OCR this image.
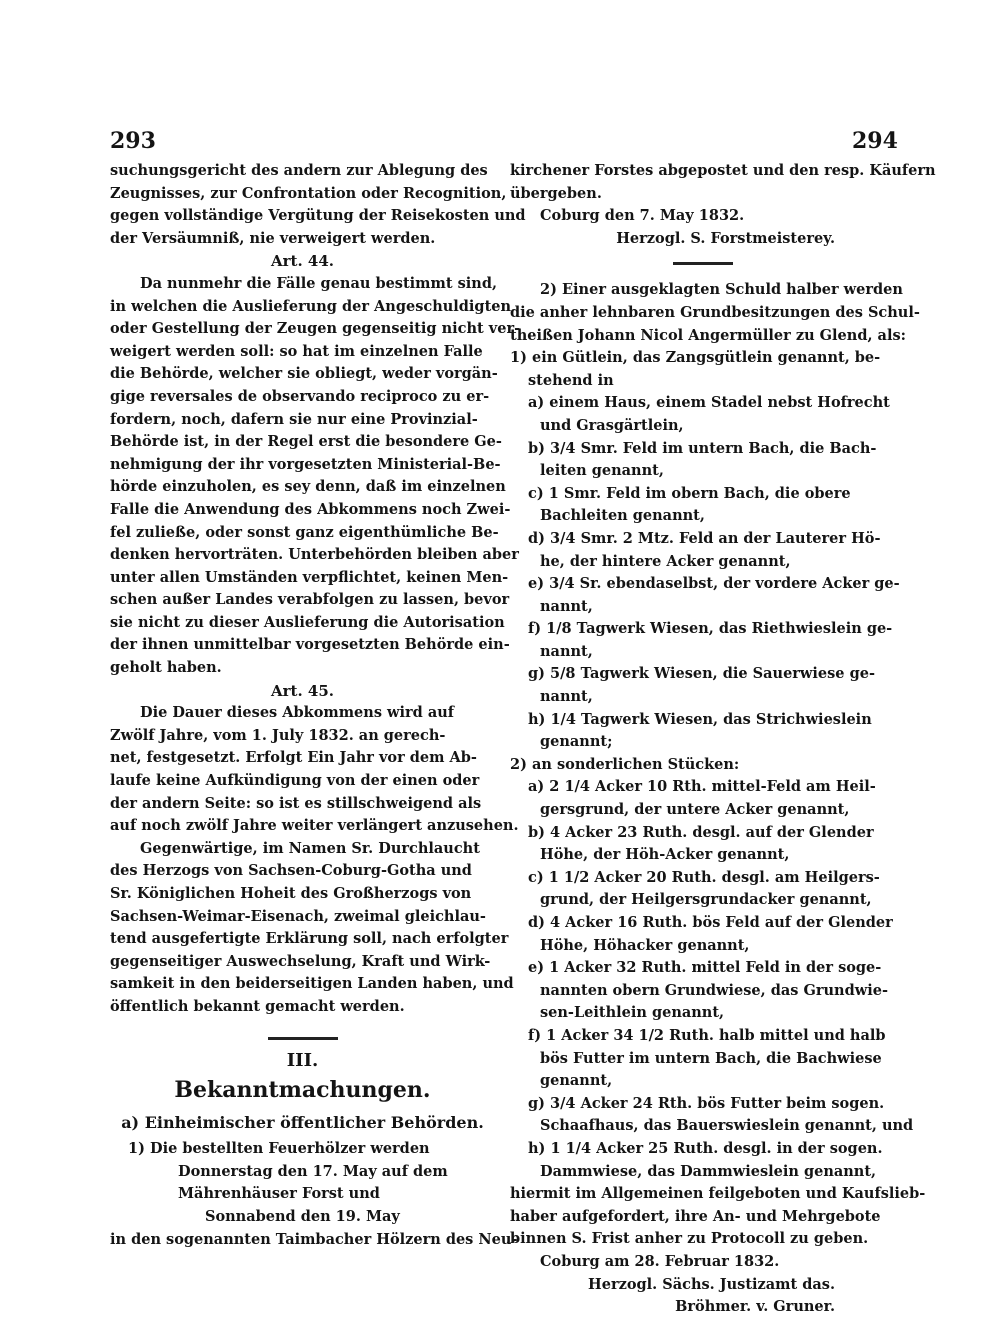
293	294
suchungsgericht des andern zur Ablegung des
Zeugnisses, zur Confrontation oder Recognition,
gegen vollständige Vergütung der Reisekosten und
der Versäumniß, nie verweigert werden.
Art. 44.
Da nunmehr die Fälle genau bestimmt sind,
in welchen die Auslieferung der Angeschuldigten
oder Gestellung der Zeugen gegenseitig nicht ver-
weigert werden soll: so hat im einzelnen Falle
die Behörde, welcher sie obliegt, weder vorgän-
gige reversales de observando reciproco zu er-
fordern, noch, dafern sie nur eine Provinzial-
Behörde ist, in der Regel erst die besondere Ge-
nehmigung der ihr vorgesetzten Ministerial-Be-
hörde einzuholen, es sey denn, daß im einzelnen
Falle die Anwendung des Abkommens noch Zwei-
fel zuließe, oder sonst ganz eigenthümliche Be-
denken hervorträten. Unterbehörden bleiben aber
unter allen Umständen verpflichtet, keinen Men-
schen außer Landes verabfolgen zu lassen, bevor
sie nicht zu dieser Auslieferung die Autorisation
der ihnen unmittelbar vorgesetzten Behörde ein-
geholt haben.
Art. 45.
Die Dauer dieses Abkommens wird auf
Zwölf Jahre, vom 1. July 1832. an gerech-
net, festgesetzt. Erfolgt Ein Jahr vor dem Ab-
laufe keine Aufkündigung von der einen oder
der andern Seite: so ist es stillschweigend als
auf noch zwölf Jahre weiter verlängert anzusehen.
Gegenwärtige, im Namen Sr. Durchlaucht
des Herzogs von Sachsen-Coburg-Gotha und
Sr. Königlichen Hoheit des Großherzogs von
Sachsen-Weimar-Eisenach, zweimal gleichlau-
tend ausgefertigte Erklärung soll, nach erfolgter
gegenseitiger Auswechselung, Kraft und Wirk-
samkeit in den beiderseitigen Landen haben, und
öffentlich bekannt gemacht werden.
III.
Bekanntmachungen.
a) Einheimischer öffentlicher Behörden.
1) Die bestellten Feuerhölzer werden
Donnerstag den 17. May auf dem
Mährenhäuser Forst und
Sonnabend den 19. May
in den sogenannten Taimbacher Hölzern des Neu-
kirchener Forstes abgepostet und den resp. Käufern
übergeben.
Coburg den 7. May 1832.
Herzogl. S. Forstmeisterey.
2) Einer ausgeklagten Schuld halber werden
die anher lehnbaren Grundbesitzungen des Schul-
theißen Johann Nicol Angermüller zu Glend, als:
1) ein Gütlein, das Zangsgütlein genannt, be-
stehend in
a) einem Haus, einem Stadel nebst Hofrecht
und Grasgärtlein,
b) 3/4 Smr. Feld im untern Bach, die Bach-
leiten genannt,
c) 1 Smr. Feld im obern Bach, die obere
Bachleiten genannt,
d) 3/4 Smr. 2 Mtz. Feld an der Lauterer Hö-
he, der hintere Acker genannt,
e) 3/4 Sr. ebendaselbst, der vordere Acker ge-
nannt,
f) 1/8 Tagwerk Wiesen, das Riethwieslein ge-
nannt,
g) 5/8 Tagwerk Wiesen, die Sauerwiese ge-
nannt,
h) 1/4 Tagwerk Wiesen, das Strichwieslein
genannt;
2) an sonderlichen Stücken:
a) 2 1/4 Acker 10 Rth. mittel-Feld am Heil-
gersgrund, der untere Acker genannt,
b) 4 Acker 23 Ruth. desgl. auf der Glender
Höhe, der Höh-Acker genannt,
c) 1 1/2 Acker 20 Ruth. desgl. am Heilgers-
grund, der Heilgersgrundacker genannt,
d) 4 Acker 16 Ruth. bös Feld auf der Glender
Höhe, Höhacker genannt,
e) 1 Acker 32 Ruth. mittel Feld in der soge-
nannten obern Grundwiese, das Grundwie-
sen-Leithlein genannt,
f) 1 Acker 34 1/2 Ruth. halb mittel und halb
bös Futter im untern Bach, die Bachwiese
genannt,
g) 3/4 Acker 24 Rth. bös Futter beim sogen.
Schaafhaus, das Bauerswieslein genannt, und
h) 1 1/4 Acker 25 Ruth. desgl. in der sogen.
Dammwiese, das Dammwieslein genannt,
hiermit im Allgemeinen feilgeboten und Kaufslieb-
haber aufgefordert, ihre An- und Mehrgebote
binnen S. Frist anher zu Protocoll zu geben.
Coburg am 28. Februar 1832.
Herzogl. Sächs. Justizamt das.
Bröhmer. v. Gruner.
